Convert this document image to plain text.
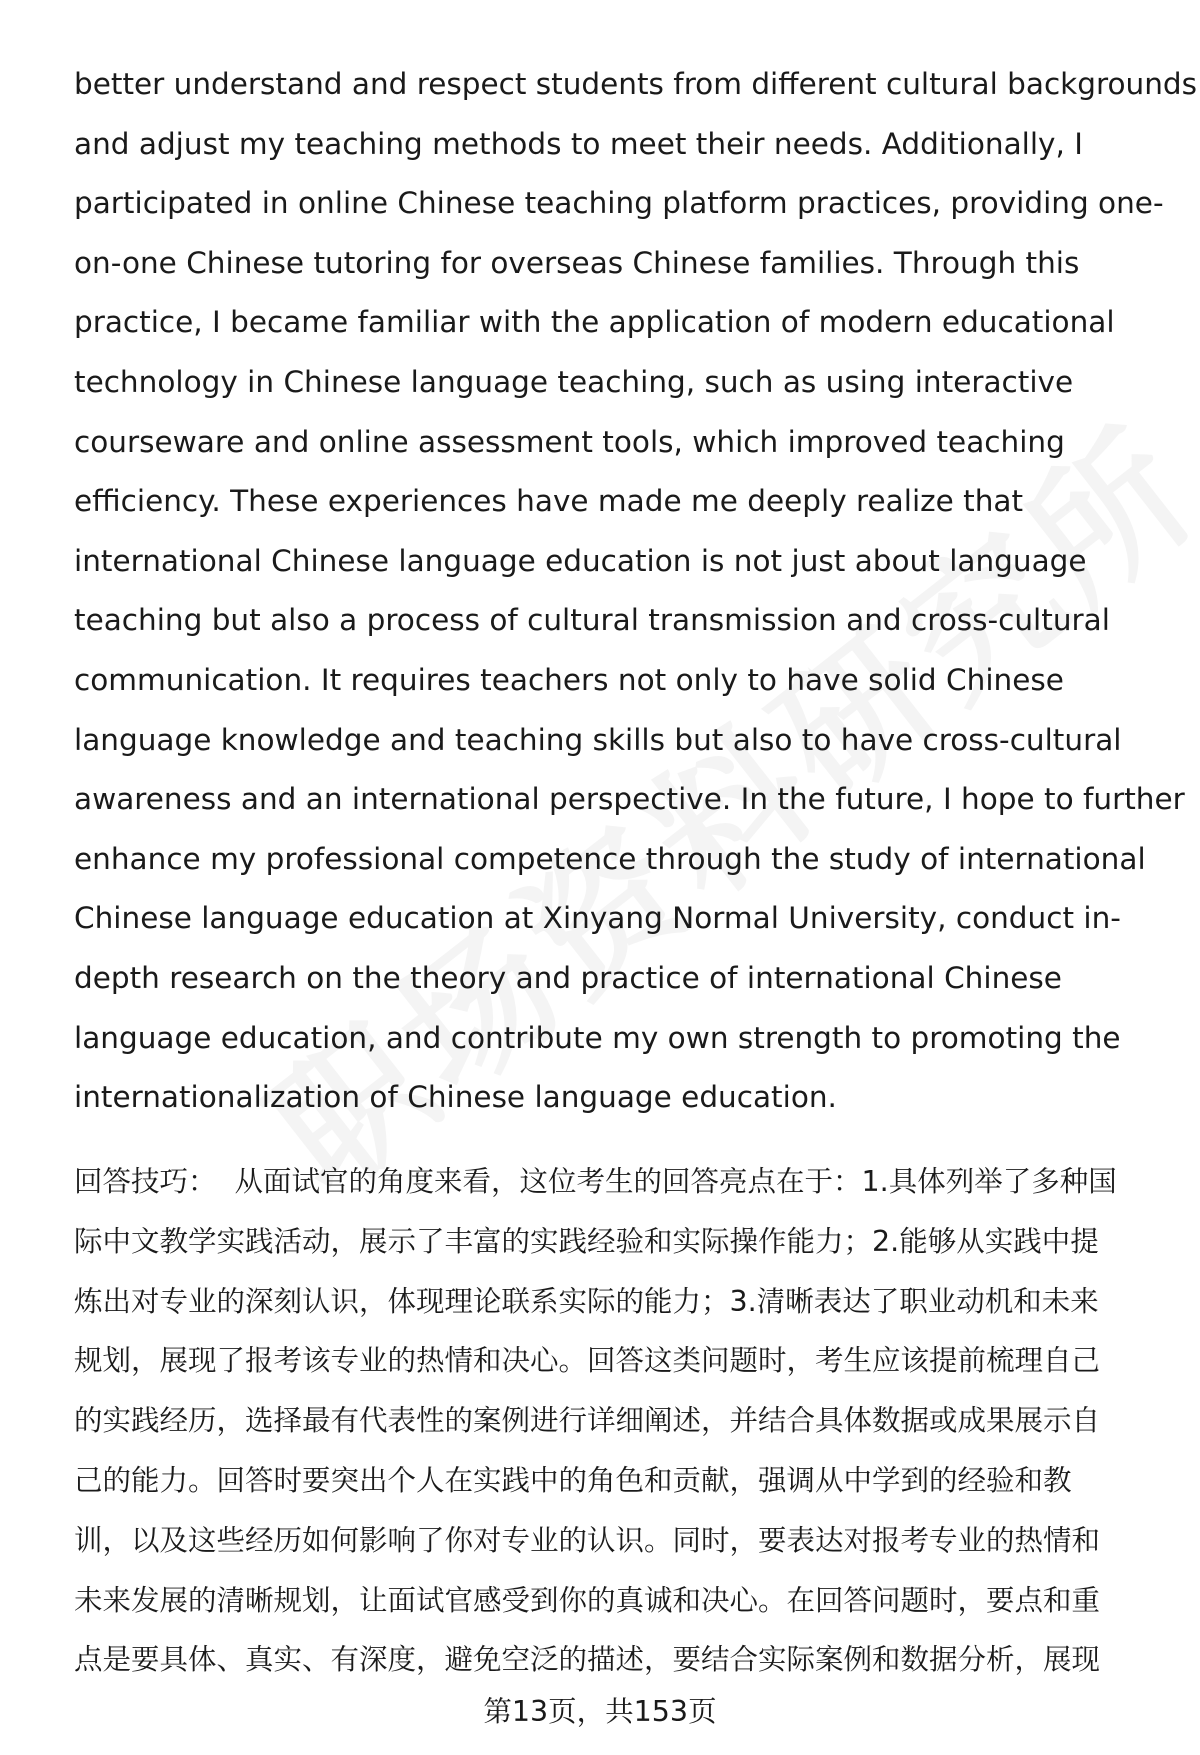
better understand and respect students from different cultural backgrounds
and adjust my teaching methods to meet their needs. Additionally, I
participated in online Chinese teaching platform practices, providing one-
on-one Chinese tutoring for overseas Chinese families. Through this
practice, I became familiar with the application of modern educational
technology in Chinese language teaching, such as using interactive
courseware and online assessment tools, which improved teaching
efficiency. These experiences have made me deeply realize that
international Chinese language education is not just about language
teaching but also a process of cultural transmission and cross-cultural
communication. It requires teachers not only to have solid Chinese
language knowledge and teaching skills but also to have cross-cultural
awareness and an international perspective. In the future, I hope to further
enhance my professional competence through the study of international
Chinese language education at Xinyang Normal University, conduct in-
depth research on the theory and practice of international Chinese
language education, and contribute my own strength to promoting the
internationalization of Chinese language education.
回答技巧： 从面试官的角度来看，这位考生的回答亮点在于：1.具体列举了多种国
际中文教学实践活动，展示了丰富的实践经验和实际操作能力；2.能够从实践中提
炼出对专业的深刻认识，体现理论联系实际的能力；3.清晰表达了职业动机和未来
规划，展现了报考该专业的热情和决心。回答这类问题时，考生应该提前梳理自己
的实践经历，选择最有代表性的案例进行详细阐述，并结合具体数据或成果展示自
己的能力。回答时要突出个人在实践中的角色和贡献，强调从中学到的经验和教
训，以及这些经历如何影响了你对专业的认识。同时，要表达对报考专业的热情和
未来发展的清晰规划，让面试官感受到你的真诚和决心。在回答问题时，要点和重
点是要具体、真实、有深度，避免空泛的描述，要结合实际案例和数据分析，展现
第13页，共153页
